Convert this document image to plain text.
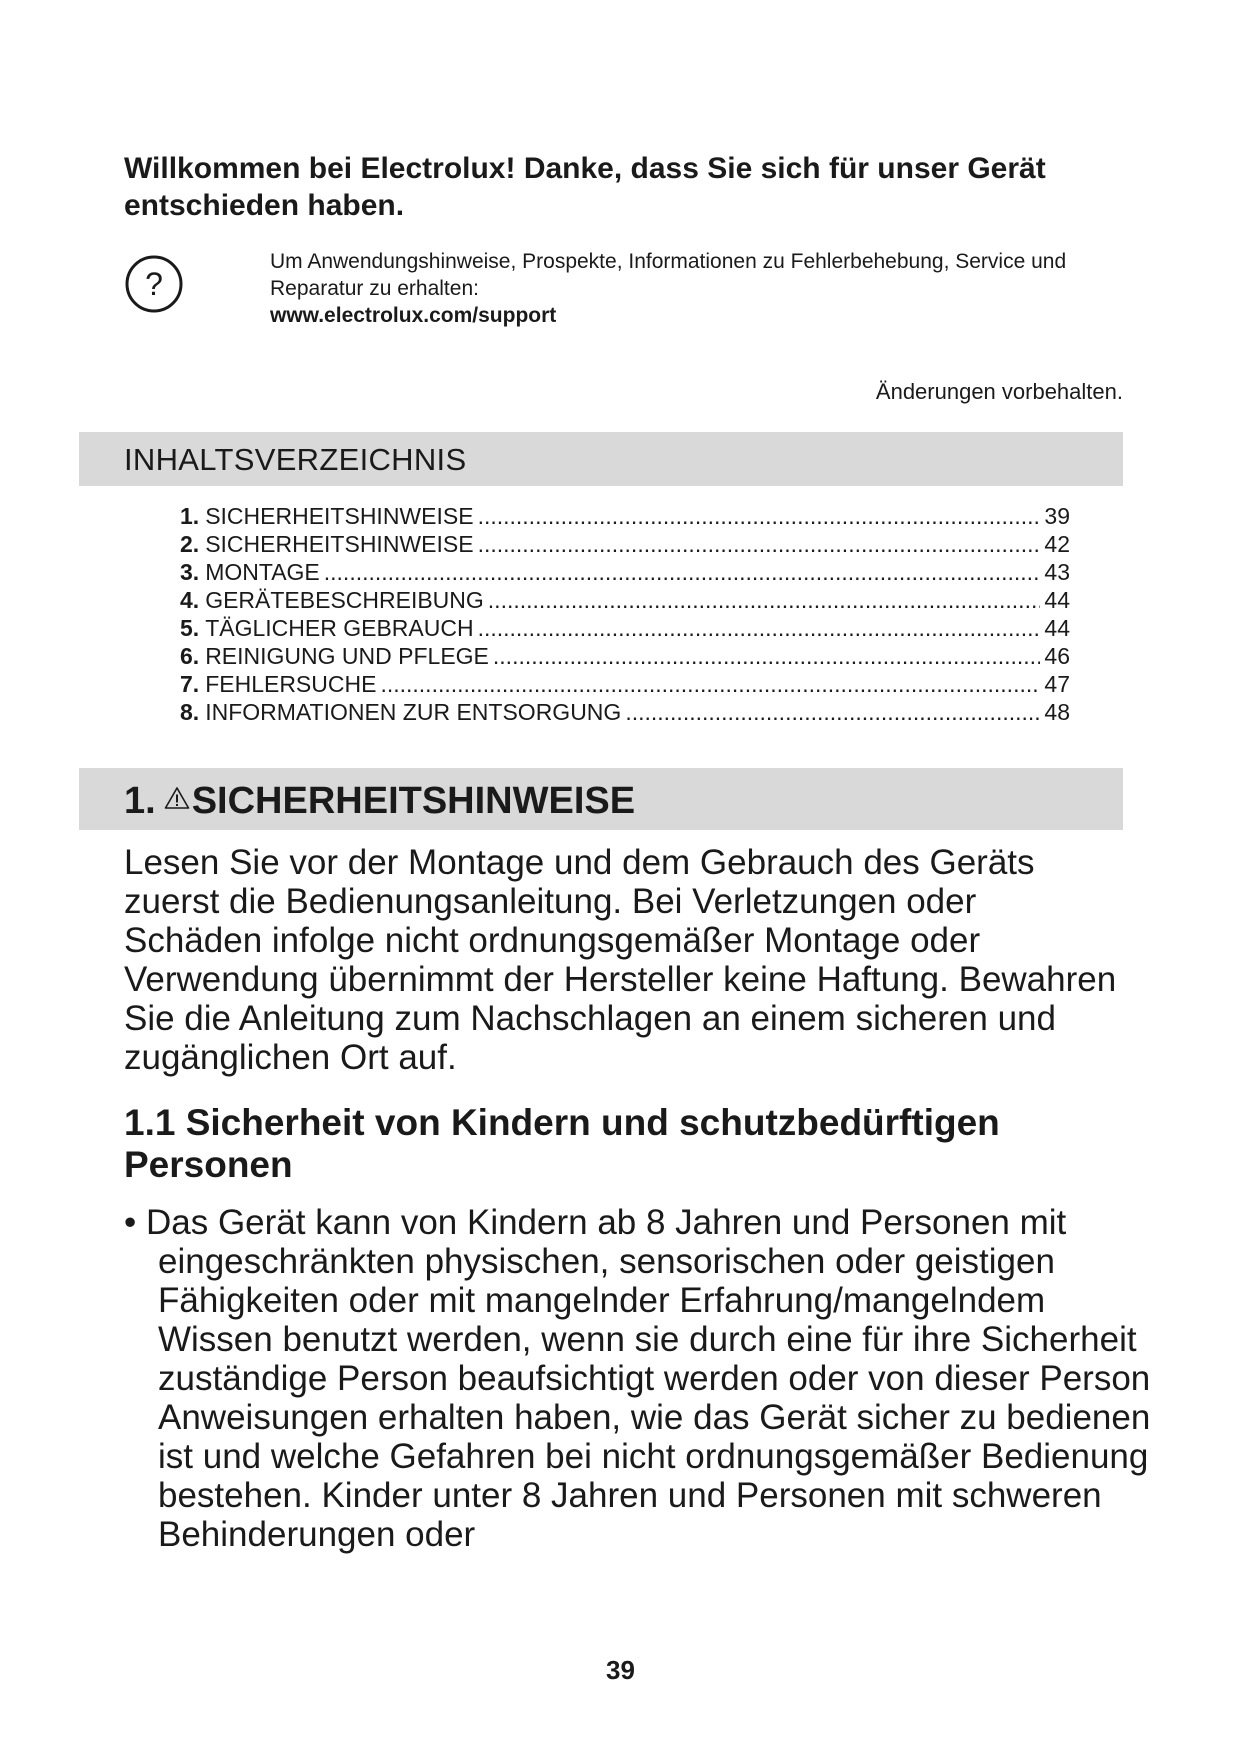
Willkommen bei Electrolux! Danke, dass Sie sich für unser Gerät entschieden haben.
?
Um Anwendungshinweise, Prospekte, Informationen zu Fehlerbehebung, Service und Reparatur zu erhalten:
www.electrolux.com/support
Änderungen vorbehalten.
INHALTSVERZEICHNIS
1. SICHERHEITSHINWEISE .....	39
2. SICHERHEITSHINWEISE .....	42
3. MONTAGE .....	43
4. GERÄTEBESCHREIBUNG .....	44
5. TÄGLICHER GEBRAUCH .....	44
6. REINIGUNG UND PFLEGE .....	46
7. FEHLERSUCHE .....	47
8. INFORMATIONEN ZUR ENTSORGUNG .....	48
1. SICHERHEITSHINWEISE

Lesen Sie vor der Montage und dem Gebrauch des Geräts zuerst die Bedienungsanleitung. Bei Verletzungen oder Schäden infolge nicht ordnungsgemäßer Montage oder Verwendung übernimmt der Hersteller keine Haftung. Bewahren Sie die Anleitung zum Nachschlagen an einem sicheren und zugänglichen Ort auf.

1.1 Sicherheit von Kindern und schutzbedürftigen Personen

• Das Gerät kann von Kindern ab 8 Jahren und Personen mit eingeschränkten physischen, sensorischen oder geistigen Fähigkeiten oder mit mangelnder Erfahrung/mangelndem Wissen benutzt werden, wenn sie durch eine für ihre Sicherheit zuständige Person beaufsichtigt werden oder von dieser Person Anweisungen erhalten haben, wie das Gerät sicher zu bedienen ist und welche Gefahren bei nicht ordnungsgemäßer Bedienung bestehen. Kinder unter 8 Jahren und Personen mit schweren Behinderungen oder

39
